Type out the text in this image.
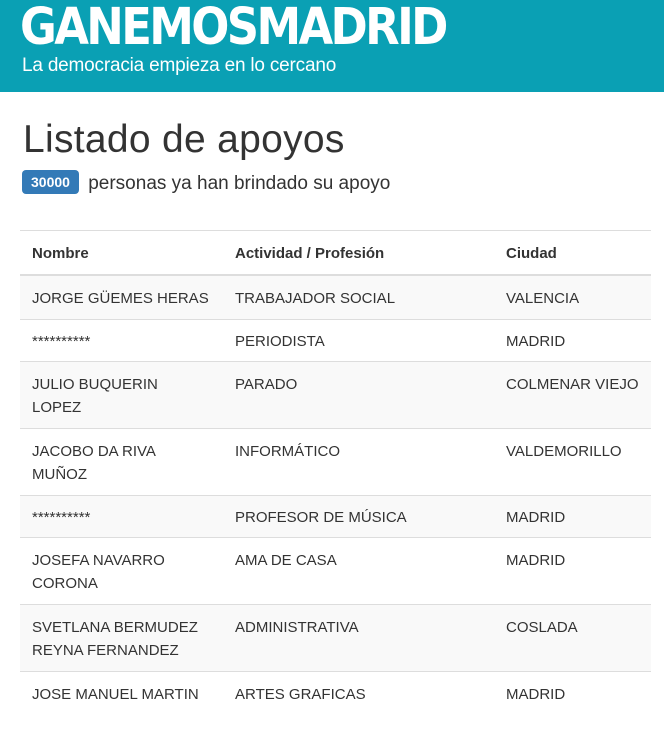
GANEMOSMADRID

La democracia empieza en lo cercano

Listado de apoyos
30000 personas ya han brindado su apoyo
Nombre	Actividad / Profesión	Ciudad
JORGE GÜEMES HERAS	TRABAJADOR SOCIAL	VALENCIA
**********	PERIODISTA	MADRID
JULIO BUQUERIN LOPEZ	PARADO	COLMENAR VIEJO
JACOBO DA RIVA MUÑOZ	INFORMÁTICO	VALDEMORILLO
**********	PROFESOR DE MÚSICA	MADRID
JOSEFA NAVARRO CORONA	AMA DE CASA	MADRID
SVETLANA BERMUDEZ REYNA FERNANDEZ	ADMINISTRATIVA	COSLADA
JOSE MANUEL MARTIN	ARTES GRAFICAS	MADRID
